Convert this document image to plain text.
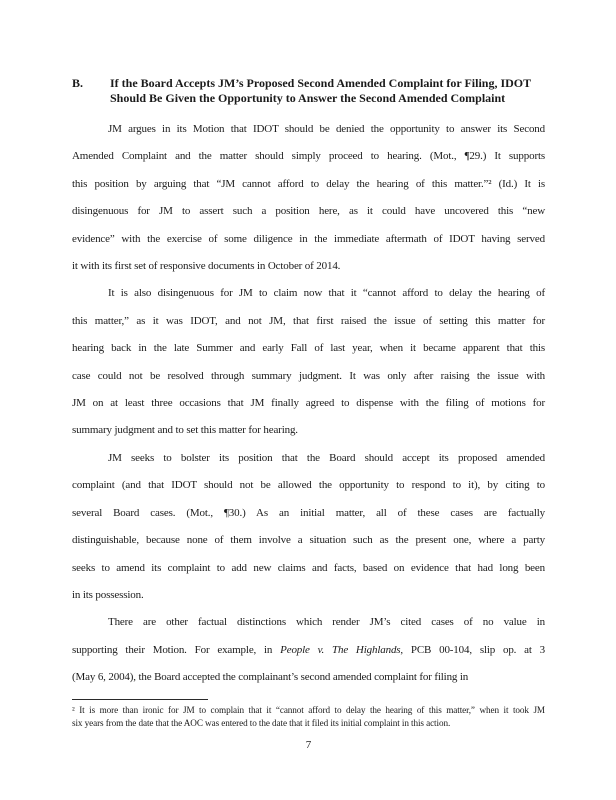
B.	If the Board Accepts JM’s Proposed Second Amended Complaint for Filing, IDOT
Should Be Given the Opportunity to Answer the Second Amended Complaint
JM argues in its Motion that IDOT should be denied the opportunity to answer its Second
Amended Complaint and the matter should simply proceed to hearing. (Mot., ¶29.) It supports
this position by arguing that “JM cannot afford to delay the hearing of this matter.”² (Id.) It is
disingenuous for JM to assert such a position here, as it could have uncovered this “new
evidence” with the exercise of some diligence in the immediate aftermath of IDOT having served
it with its first set of responsive documents in October of 2014.
It is also disingenuous for JM to claim now that it “cannot afford to delay the hearing of
this matter,” as it was IDOT, and not JM, that first raised the issue of setting this matter for
hearing back in the late Summer and early Fall of last year, when it became apparent that this
case could not be resolved through summary judgment. It was only after raising the issue with
JM on at least three occasions that JM finally agreed to dispense with the filing of motions for
summary judgment and to set this matter for hearing.
JM seeks to bolster its position that the Board should accept its proposed amended
complaint (and that IDOT should not be allowed the opportunity to respond to it), by citing to
several Board cases. (Mot., ¶30.) As an initial matter, all of these cases are factually
distinguishable, because none of them involve a situation such as the present one, where a party
seeks to amend its complaint to add new claims and facts, based on evidence that had long been
in its possession.
There are other factual distinctions which render JM’s cited cases of no value in
supporting their Motion. For example, in People v. The Highlands, PCB 00-104, slip op. at 3
(May 6, 2004), the Board accepted the complainant’s second amended complaint for filing in
² It is more than ironic for JM to complain that it “cannot afford to delay the hearing of this matter,” when it took JM
six years from the date that the AOC was entered to the date that it filed its initial complaint in this action.
7
